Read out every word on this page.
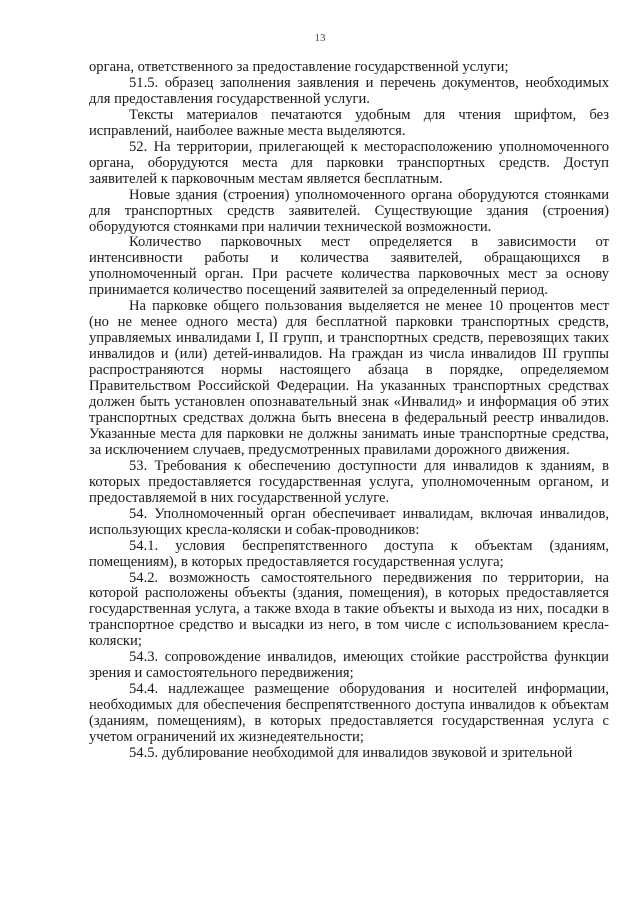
13

органа, ответственного за предоставление государственной услуги;

51.5. образец заполнения заявления и перечень документов, необходимых для предоставления государственной услуги.

Тексты материалов печатаются удобным для чтения шрифтом, без исправлений, наиболее важные места выделяются.

52. На территории, прилегающей к месторасположению уполномоченного органа, оборудуются места для парковки транспортных средств. Доступ заявителей к парковочным местам является бесплатным.

Новые здания (строения) уполномоченного органа оборудуются стоянками для транспортных средств заявителей. Существующие здания (строения) оборудуются стоянками при наличии технической возможности.

Количество парковочных мест определяется в зависимости от интенсивности работы и количества заявителей, обращающихся в уполномоченный орган. При расчете количества парковочных мест за основу принимается количество посещений заявителей за определенный период.

На парковке общего пользования выделяется не менее 10 процентов мест (но не менее одного места) для бесплатной парковки транспортных средств, управляемых инвалидами I, II групп, и транспортных средств, перевозящих таких инвалидов и (или) детей-инвалидов. На граждан из числа инвалидов III группы распространяются нормы настоящего абзаца в порядке, определяемом Правительством Российской Федерации. На указанных транспортных средствах должен быть установлен опознавательный знак «Инвалид» и информация об этих транспортных средствах должна быть внесена в федеральный реестр инвалидов. Указанные места для парковки не должны занимать иные транспортные средства, за исключением случаев, предусмотренных правилами дорожного движения.

53. Требования к обеспечению доступности для инвалидов к зданиям, в которых предоставляется государственная услуга, уполномоченным органом, и предоставляемой в них государственной услуге.

54. Уполномоченный орган обеспечивает инвалидам, включая инвалидов, использующих кресла-коляски и собак-проводников:

54.1. условия беспрепятственного доступа к объектам (зданиям, помещениям), в которых предоставляется государственная услуга;

54.2. возможность самостоятельного передвижения по территории, на которой расположены объекты (здания, помещения), в которых предоставляется государственная услуга, а также входа в такие объекты и выхода из них, посадки в транспортное средство и высадки из него, в том числе с использованием кресла-коляски;

54.3. сопровождение инвалидов, имеющих стойкие расстройства функции зрения и самостоятельного передвижения;

54.4. надлежащее размещение оборудования и носителей информации, необходимых для обеспечения беспрепятственного доступа инвалидов к объектам (зданиям, помещениям), в которых предоставляется государственная услуга с учетом ограничений их жизнедеятельности;

54.5. дублирование необходимой для инвалидов звуковой и зрительной
